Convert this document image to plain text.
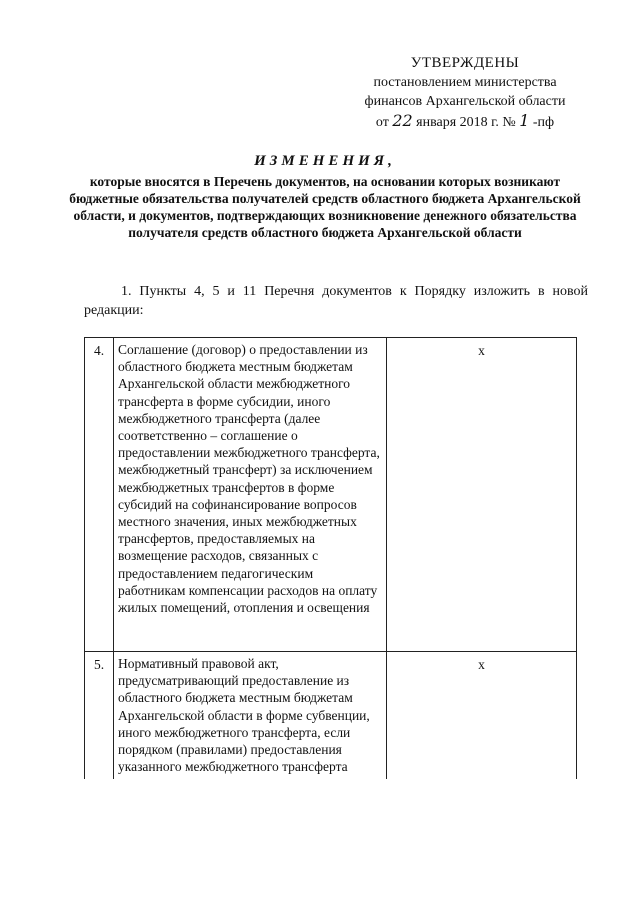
УТВЕРЖДЕНЫ
постановлением министерства
финансов Архангельской области
от 22 января 2018 г. № 1 -пф
ИЗМЕНЕНИЯ,
которые вносятся в Перечень документов, на основании которых возникают бюджетные обязательства получателей средств областного бюджета Архангельской области, и документов, подтверждающих возникновение денежного обязательства получателя средств областного бюджета Архангельской области
1. Пункты 4, 5 и 11 Перечня документов к Порядку изложить в новой редакции:
4.	Соглашение (договор) о предоставлении из областного бюджета местным бюджетам Архангельской области межбюджетного трансферта в форме субсидии, иного межбюджетного трансферта (далее соответственно – соглашение о предоставлении межбюджетного трансферта, межбюджетный трансферт) за исключением межбюджетных трансфертов в форме субсидий на софинансирование вопросов местного значения, иных межбюджетных трансфертов, предоставляемых на возмещение расходов, связанных с предоставлением педагогическим работникам компенсации расходов на оплату жилых помещений, отопления и освещения	x
5.	Нормативный правовой акт, предусматривающий предоставление из областного бюджета местным бюджетам Архангельской области в форме субвенции, иного межбюджетного трансферта, если порядком (правилами) предоставления указанного межбюджетного трансферта	x
